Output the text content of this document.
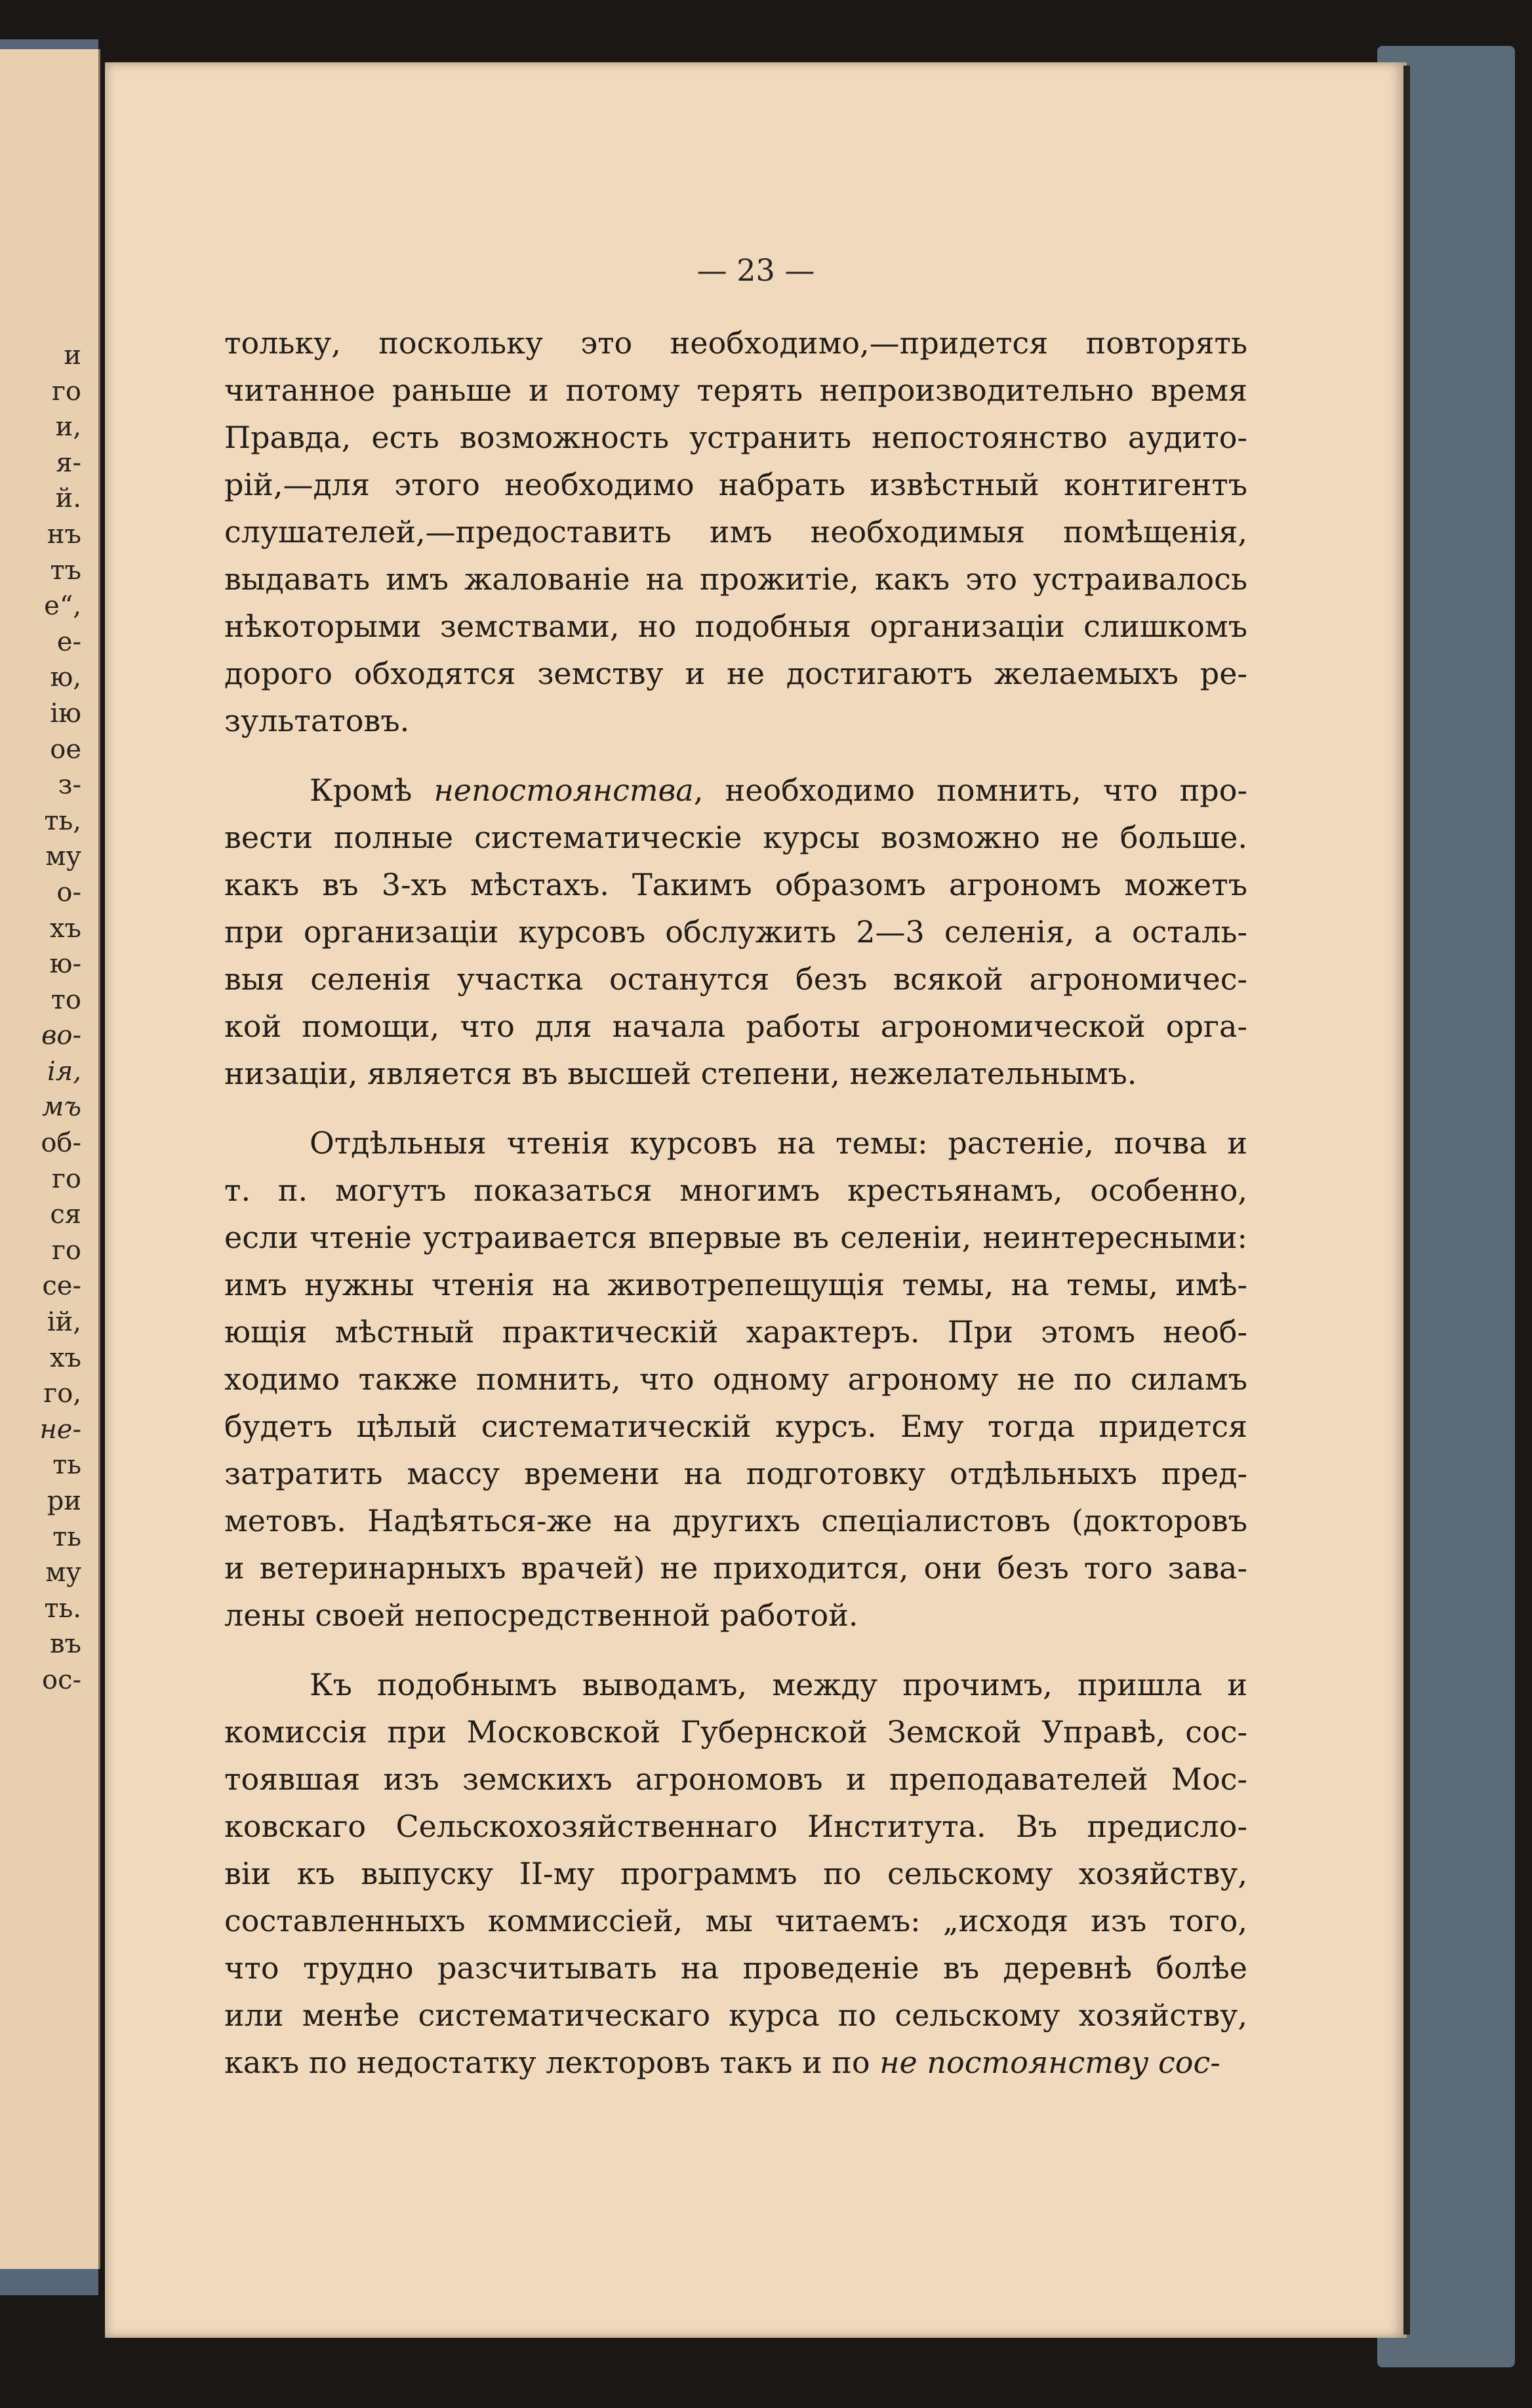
и
го
и,
я-
й.
нъ
тъ
е“,
е-
ю,
ію
ое
з-
ть,
му
о-
хъ
ю-
то
во-
ія,
мъ
об-
го
ся
го
се-
ій,
хъ
го,
не-
ть
ри
ть
му
ть.
въ
ос-
— 23 —

тольку, поскольку это необходимо,—придется повторять
читанное раньше и потому терять непроизводительно время
Правда, есть возможность устранить непостоянство аудито-
рій,—для этого необходимо набрать извѣстный контигентъ
слушателей,—предоставить имъ необходимыя помѣщенія,
выдавать имъ жалованіе на прожитіе, какъ это устраивалось
нѣкоторыми земствами, но подобныя организаціи слишкомъ
дорого обходятся земству и не достигаютъ желаемыхъ ре-
зультатовъ.

Кромѣ непостоянства, необходимо помнить, что про-
вести полные систематическіе курсы возможно не больше.
какъ въ 3-хъ мѣстахъ. Такимъ образомъ агрономъ можетъ
при организаціи курсовъ обслужить 2—3 селенія, а осталь-
выя селенія участка останутся безъ всякой агрономичес-
кой помощи, что для начала работы агрономической орга-
низаціи, является въ высшей степени, нежелательнымъ.

Отдѣльныя чтенія курсовъ на темы: растеніе, почва и
т. п. могутъ показаться многимъ крестьянамъ, особенно,
если чтеніе устраивается впервые въ селеніи, неинтересными:
имъ нужны чтенія на животрепещущія темы, на темы, имѣ-
ющія мѣстный практическій характеръ. При этомъ необ-
ходимо также помнить, что одному агроному не по силамъ
будетъ цѣлый систематическій курсъ. Ему тогда придется
затратить массу времени на подготовку отдѣльныхъ пред-
метовъ. Надѣяться-же на другихъ спеціалистовъ (докторовъ
и ветеринарныхъ врачей) не приходится, они безъ того зава-
лены своей непосредственной работой.

Къ подобнымъ выводамъ, между прочимъ, пришла и
комиссія при Московской Губернской Земской Управѣ, сос-
тоявшая изъ земскихъ агрономовъ и преподавателей Мос-
ковскаго Сельскохозяйственнаго Института. Въ предисло-
віи къ выпуску II-му программъ по сельскому хозяйству,
составленныхъ коммиссіей, мы читаемъ: „исходя изъ того,
что трудно разсчитывать на проведеніе въ деревнѣ болѣе
или менѣе систематическаго курса по сельскому хозяйству,
какъ по недостатку лекторовъ такъ и по не постоянству сос-
